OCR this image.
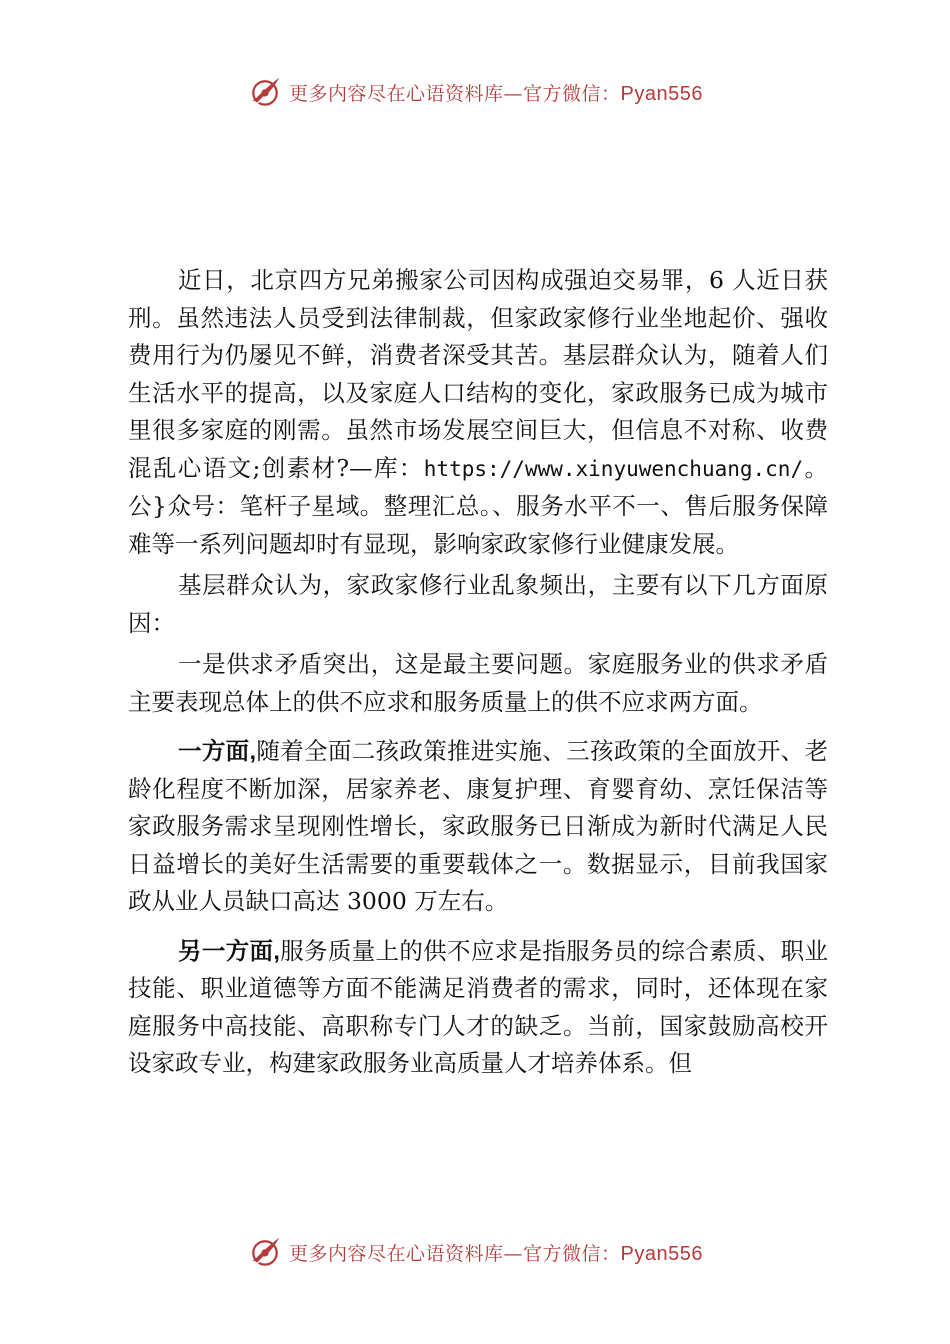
更多内容尽在心语资料库—官方微信：Pyan556

近日，北京四方兄弟搬家公司因构成强迫交易罪，6 人近日获刑。虽然违法人员受到法律制裁，但家政家修行业坐地起价、强收费用行为仍屡见不鲜，消费者深受其苦。基层群众认为，随着人们生活水平的提高，以及家庭人口结构的变化，家政服务已成为城市里很多家庭的刚需。虽然市场发展空间巨大，但信息不对称、收费混乱心语文;创素材?—库：https://www.xinyuwenchuang.cn/。公}众号：笔杆子星域。整理汇总。、服务水平不一、售后服务保障难等一系列问题却时有显现，影响家政家修行业健康发展。

基层群众认为，家政家修行业乱象频出，主要有以下几方面原因：

一是供求矛盾突出，这是最主要问题。家庭服务业的供求矛盾主要表现总体上的供不应求和服务质量上的供不应求两方面。

一方面,随着全面二孩政策推进实施、三孩政策的全面放开、老龄化程度不断加深，居家养老、康复护理、育婴育幼、烹饪保洁等家政服务需求呈现刚性增长，家政服务已日渐成为新时代满足人民日益增长的美好生活需要的重要载体之一。数据显示，目前我国家政从业人员缺口高达 3000 万左右。

另一方面,服务质量上的供不应求是指服务员的综合素质、职业技能、职业道德等方面不能满足消费者的需求，同时，还体现在家庭服务中高技能、高职称专门人才的缺乏。当前，国家鼓励高校开设家政专业，构建家政服务业高质量人才培养体系。但

更多内容尽在心语资料库—官方微信：Pyan556
